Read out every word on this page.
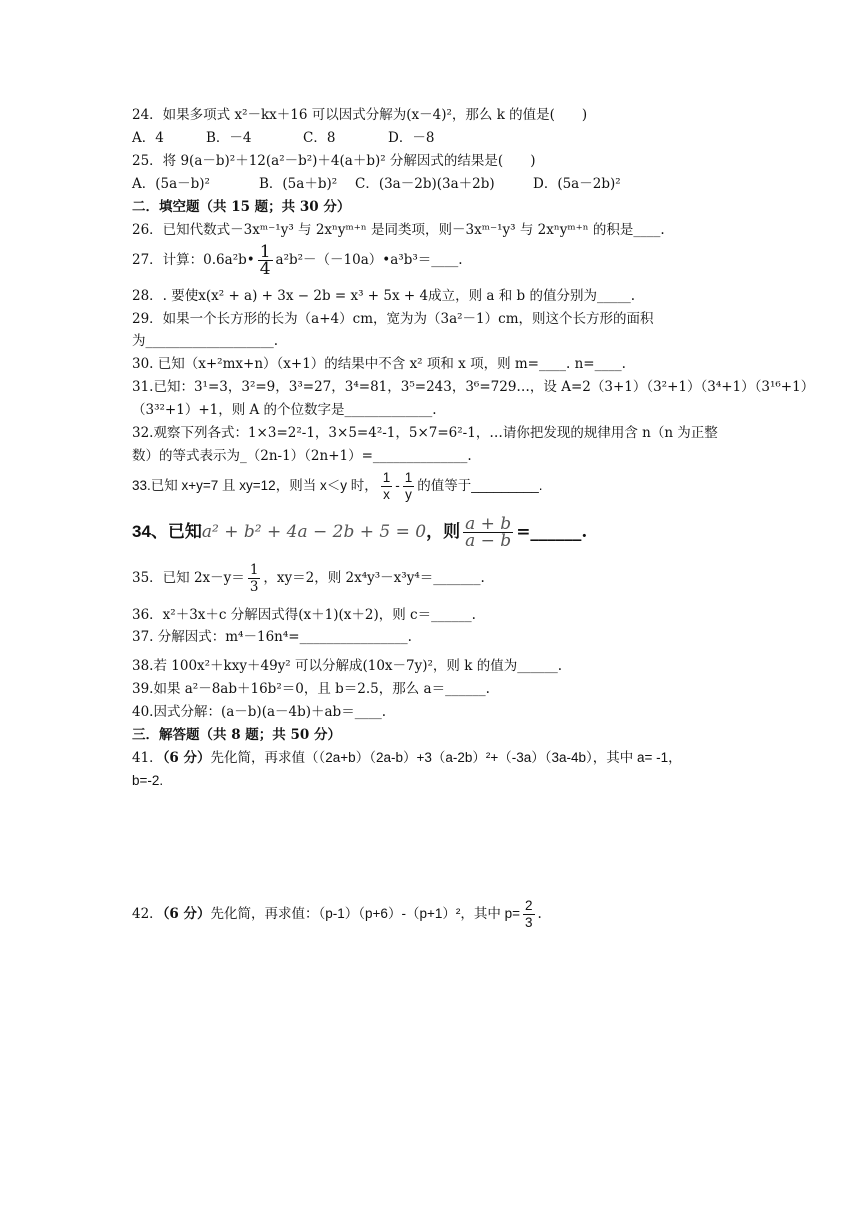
24．如果多项式 x²－kx＋16 可以因式分解为(x－4)²，那么 k 的值是(　　)
A．4	B．－4	C．8	D．－8
25．将 9(a－b)²＋12(a²－b²)＋4(a＋b)² 分解因式的结果是(　　)
A．(5a－b)²	B．(5a＋b)² C．(3a－2b)(3a＋2b)	D．(5a－2b)²
二．填空题（共 15 题；共 30 分）
26．已知代数式－3xᵐ⁻¹y³ 与 2xⁿyᵐ⁺ⁿ 是同类项，则－3xᵐ⁻¹y³ 与 2xⁿyᵐ⁺ⁿ 的积是____.
27．计算：0.6a²b• $\frac{1}{4}$ a²b²－（－10a）•a³b³＝____.
28．. 要使x(x² + a) + 3x − 2b = x³ + 5x + 4成立，则 a 和 b 的值分别为_____.
29．如果一个长方形的长为（a+4）cm，宽为为（3a²－1）cm，则这个长方形的面积
为___________________.
30. 已知（x+²mx+n）（x+1）的结果中不含 x² 项和 x 项，则 m=____. n=____.
31.已知：3¹=3，3²=9，3³=27，3⁴=81，3⁵=243，3⁶=729…，设 A=2（3+1）（3²+1）（3⁴+1）（3¹⁶+1）
（3³²+1）+1，则 A 的个位数字是_____________.
32.观察下列各式：1×3=2²-1，3×5=4²-1，5×7=6²-1，…请你把发现的规律用含 n（n 为正整
数）的等式表示为_（2n-1）（2n+1）=______________.
33.已知 x+y=7 且 xy=12，则当 x＜y 时， $\frac{1}{x} - \frac{1}{y}$ 的值等于_________.
34、已知a² + b² + 4a − 2b + 5 = 0，则 $\frac{a + b}{a - b}$ =______.
35．已知 $2x-y= \frac{1}{3}$ ，xy＝2，则 2x⁴y³－x³y⁴＝_______.
36．x²＋3x＋c 分解因式得(x＋1)(x＋2)，则 c＝______.
37. 分解因式：m⁴－16n⁴=________________.
38.若 100x²＋kxy＋49y² 可以分解成(10x－7y)²，则 k 的值为______.
39.如果 a²－8ab＋16b²＝0，且 b＝2.5，那么 a＝______.
40.因式分解：(a－b)(a－4b)＋ab＝____.
三．解答题（共 8 题；共 50 分）
41．（6 分）先化简，再求值（（2a+b）（2a-b）+3（a-2b）²+（-3a）（3a-4b），其中 a= -1，
b=-2.
42．（6 分）先化简，再求值：（p-1）（p+6）-（p+1）²，其中 $p= \frac{2}{3}$ .
